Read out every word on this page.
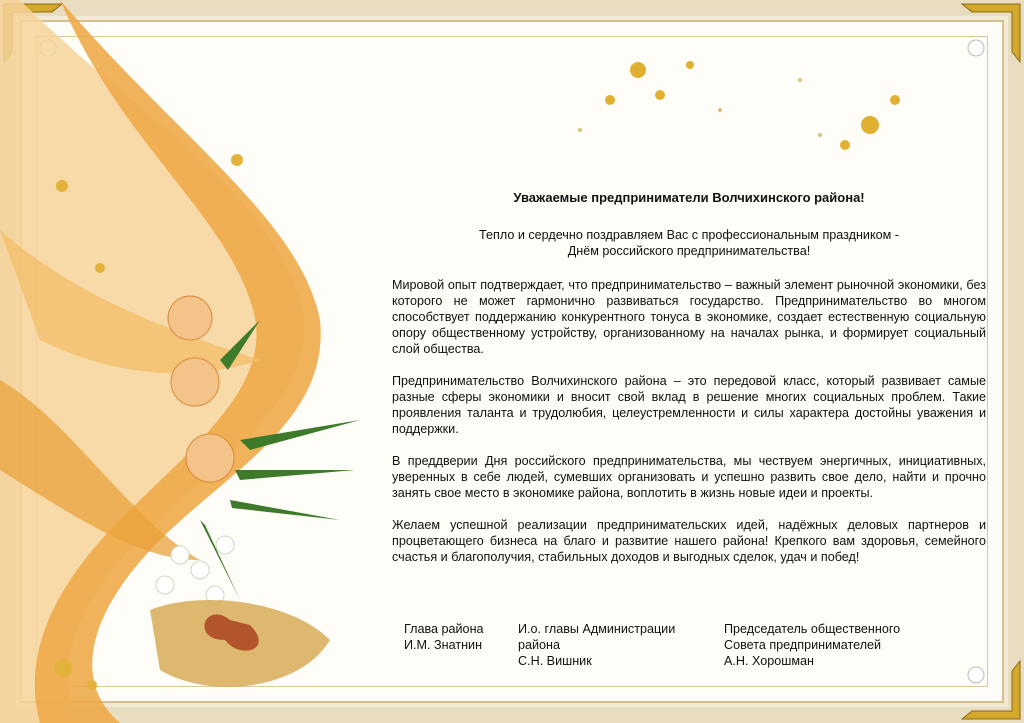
Уважаемые предприниматели Волчихинского района!
Тепло и сердечно поздравляем Вас с профессиональным праздником -
Днём российского предпринимательства!

Мировой опыт подтверждает, что предпринимательство – важный элемент рыночной экономики, без которого не может гармонично развиваться государство. Предпринимательство во многом способствует поддержанию конкурентного тонуса в экономике, создает естественную социальную опору общественному устройству, организованному на началах рынка, и формирует социальный слой общества.

Предпринимательство Волчихинского района – это передовой класс, который развивает самые разные сферы экономики и вносит свой вклад в решение многих социальных проблем. Такие проявления таланта и трудолюбия, целеустремленности и силы характера достойны уважения и поддержки.

В преддверии Дня российского предпринимательства, мы чествуем энергичных, инициативных, уверенных в себе людей, сумевших организовать и успешно развить свое дело, найти и прочно занять свое место в экономике района, воплотить в жизнь новые идеи и проекты.

Желаем успешной реализации предпринимательских идей, надёжных деловых партнеров и процветающего бизнеса на благо и развитие нашего района! Крепкого вам здоровья, семейного счастья и благополучия, стабильных доходов и выгодных сделок, удач и побед!

Глава района

И.М. Знатнин
И.о. главы Администрации
района

С.Н. Вишник
Председатель общественного
Совета предпринимателей

А.Н. Хорошман
